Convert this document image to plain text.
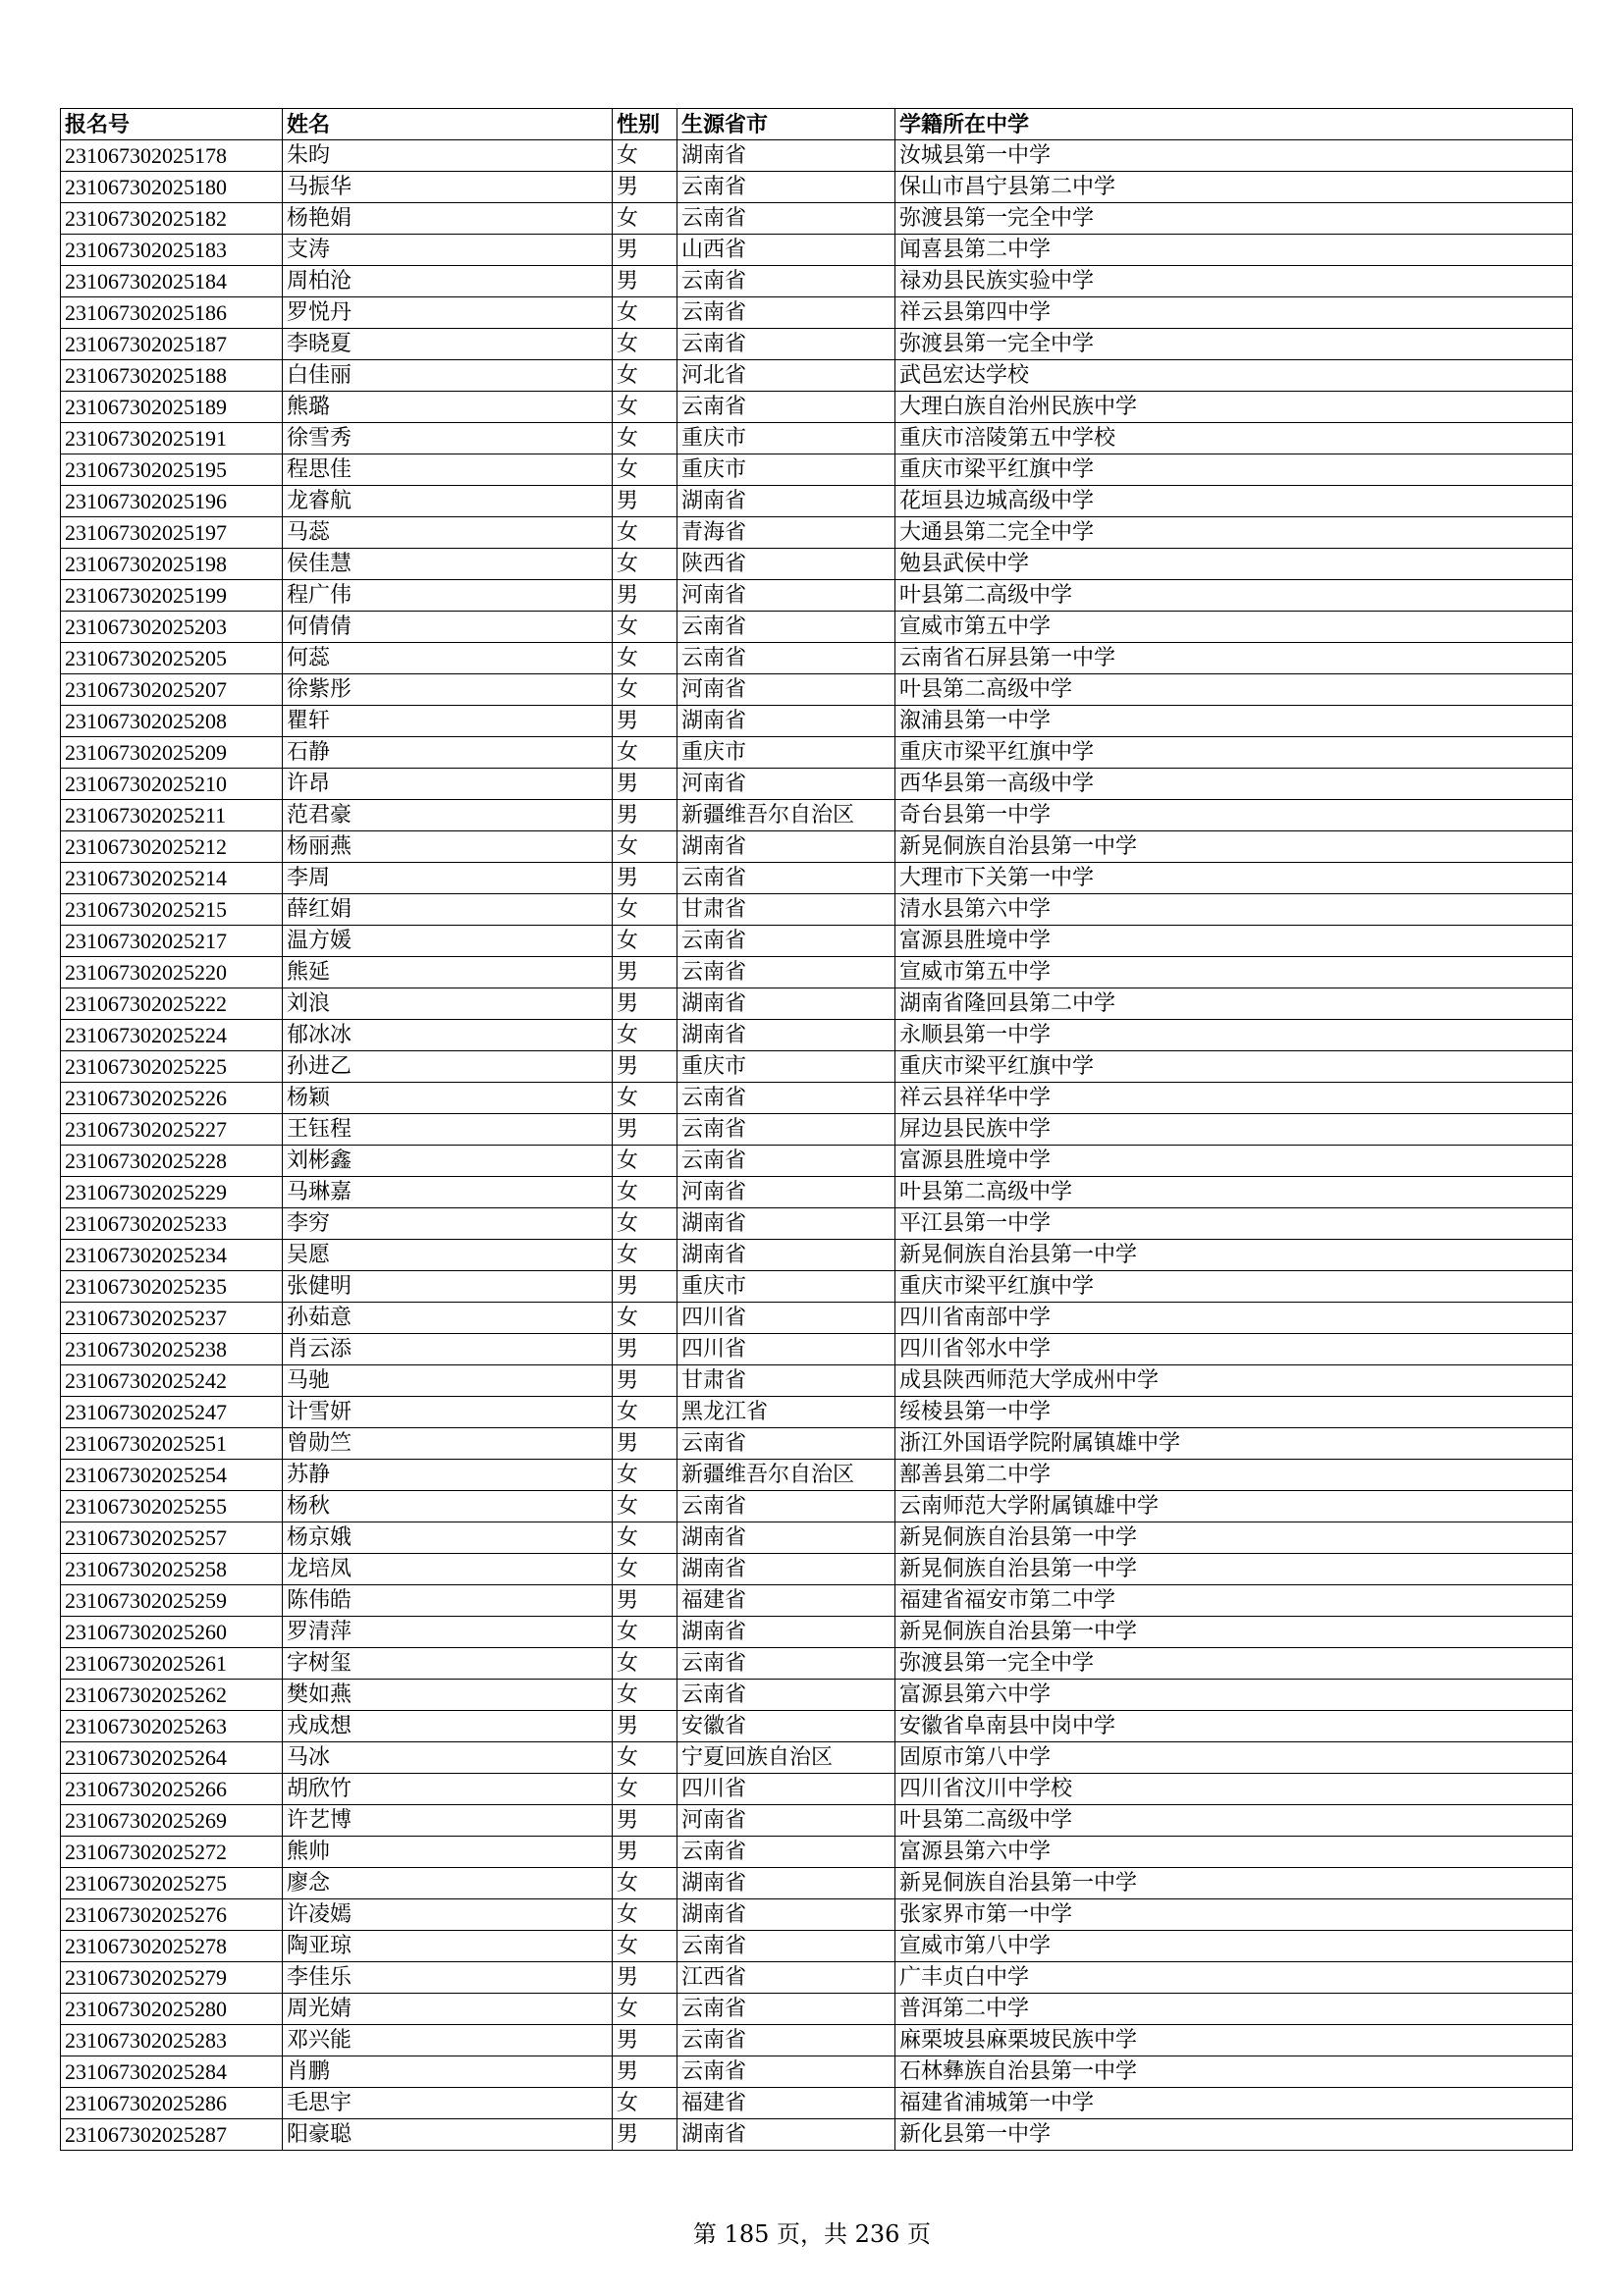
报名号	姓名	性别	生源省市	学籍所在中学
231067302025178	朱昀	女	湖南省	汝城县第一中学
231067302025180	马振华	男	云南省	保山市昌宁县第二中学
231067302025182	杨艳娟	女	云南省	弥渡县第一完全中学
231067302025183	支涛	男	山西省	闻喜县第二中学
231067302025184	周柏沧	男	云南省	禄劝县民族实验中学
231067302025186	罗悦丹	女	云南省	祥云县第四中学
231067302025187	李晓夏	女	云南省	弥渡县第一完全中学
231067302025188	白佳丽	女	河北省	武邑宏达学校
231067302025189	熊璐	女	云南省	大理白族自治州民族中学
231067302025191	徐雪秀	女	重庆市	重庆市涪陵第五中学校
231067302025195	程思佳	女	重庆市	重庆市梁平红旗中学
231067302025196	龙睿航	男	湖南省	花垣县边城高级中学
231067302025197	马蕊	女	青海省	大通县第二完全中学
231067302025198	侯佳慧	女	陕西省	勉县武侯中学
231067302025199	程广伟	男	河南省	叶县第二高级中学
231067302025203	何倩倩	女	云南省	宣威市第五中学
231067302025205	何蕊	女	云南省	云南省石屏县第一中学
231067302025207	徐紫彤	女	河南省	叶县第二高级中学
231067302025208	瞿轩	男	湖南省	溆浦县第一中学
231067302025209	石静	女	重庆市	重庆市梁平红旗中学
231067302025210	许昂	男	河南省	西华县第一高级中学
231067302025211	范君豪	男	新疆维吾尔自治区	奇台县第一中学
231067302025212	杨丽燕	女	湖南省	新晃侗族自治县第一中学
231067302025214	李周	男	云南省	大理市下关第一中学
231067302025215	薛红娟	女	甘肃省	清水县第六中学
231067302025217	温方媛	女	云南省	富源县胜境中学
231067302025220	熊延	男	云南省	宣威市第五中学
231067302025222	刘浪	男	湖南省	湖南省隆回县第二中学
231067302025224	郁冰冰	女	湖南省	永顺县第一中学
231067302025225	孙进乙	男	重庆市	重庆市梁平红旗中学
231067302025226	杨颖	女	云南省	祥云县祥华中学
231067302025227	王钰程	男	云南省	屏边县民族中学
231067302025228	刘彬鑫	女	云南省	富源县胜境中学
231067302025229	马琳嘉	女	河南省	叶县第二高级中学
231067302025233	李穷	女	湖南省	平江县第一中学
231067302025234	吴愿	女	湖南省	新晃侗族自治县第一中学
231067302025235	张健明	男	重庆市	重庆市梁平红旗中学
231067302025237	孙茹意	女	四川省	四川省南部中学
231067302025238	肖云添	男	四川省	四川省邻水中学
231067302025242	马驰	男	甘肃省	成县陕西师范大学成州中学
231067302025247	计雪妍	女	黑龙江省	绥棱县第一中学
231067302025251	曾勋竺	男	云南省	浙江外国语学院附属镇雄中学
231067302025254	苏静	女	新疆维吾尔自治区	鄯善县第二中学
231067302025255	杨秋	女	云南省	云南师范大学附属镇雄中学
231067302025257	杨京娥	女	湖南省	新晃侗族自治县第一中学
231067302025258	龙培凤	女	湖南省	新晃侗族自治县第一中学
231067302025259	陈伟皓	男	福建省	福建省福安市第二中学
231067302025260	罗清萍	女	湖南省	新晃侗族自治县第一中学
231067302025261	字树玺	女	云南省	弥渡县第一完全中学
231067302025262	樊如燕	女	云南省	富源县第六中学
231067302025263	戎成想	男	安徽省	安徽省阜南县中岗中学
231067302025264	马冰	女	宁夏回族自治区	固原市第八中学
231067302025266	胡欣竹	女	四川省	四川省汶川中学校
231067302025269	许艺博	男	河南省	叶县第二高级中学
231067302025272	熊帅	男	云南省	富源县第六中学
231067302025275	廖念	女	湖南省	新晃侗族自治县第一中学
231067302025276	许凌嫣	女	湖南省	张家界市第一中学
231067302025278	陶亚琼	女	云南省	宣威市第八中学
231067302025279	李佳乐	男	江西省	广丰贞白中学
231067302025280	周光婧	女	云南省	普洱第二中学
231067302025283	邓兴能	男	云南省	麻栗坡县麻栗坡民族中学
231067302025284	肖鹏	男	云南省	石林彝族自治县第一中学
231067302025286	毛思宇	女	福建省	福建省浦城第一中学
231067302025287	阳豪聪	男	湖南省	新化县第一中学
第 185 页，共 236 页
